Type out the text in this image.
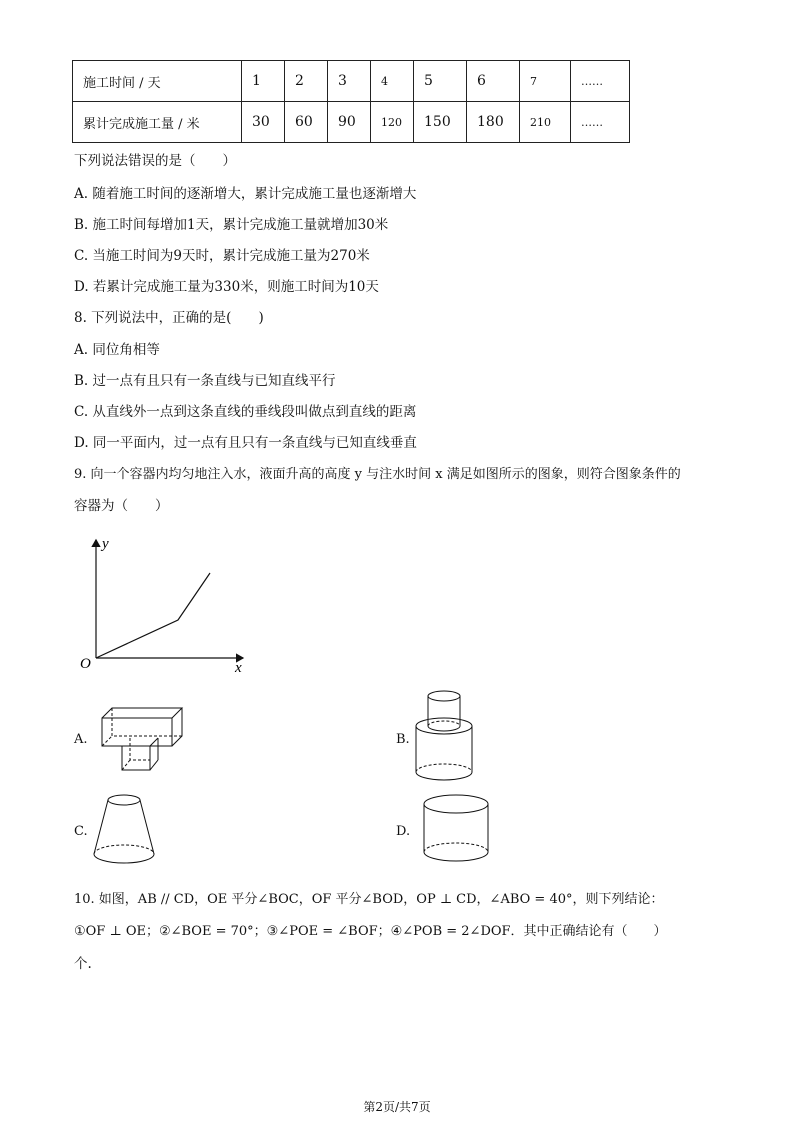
施工时间 / 天	1	2	3	4	5	6	7	……
累计完成施工量 / 米	30	60	90	120	150	180	210	……
下列说法错误的是（　　）
A. 随着施工时间的逐渐增大，累计完成施工量也逐渐增大
B. 施工时间每增加1天，累计完成施工量就增加30米
C. 当施工时间为9天时，累计完成施工量为270米
D. 若累计完成施工量为330米，则施工时间为10天
8. 下列说法中，正确的是(　　)
A. 同位角相等
B. 过一点有且只有一条直线与已知直线平行
C. 从直线外一点到这条直线的垂线段叫做点到直线的距离
D. 同一平面内，过一点有且只有一条直线与已知直线垂直
9. 向一个容器内均匀地注入水，液面升高的高度 y 与注水时间 x 满足如图所示的图象，则符合图象条件的
容器为（　　）
y
x
O
A.	B.
C.	D.
10. 如图，AB // CD，OE 平分∠BOC，OF 平分∠BOD，OP ⊥ CD，∠ABO = 40°，则下列结论：
①OF ⊥ OE；②∠BOE = 70°；③∠POE = ∠BOF；④∠POB = 2∠DOF．其中正确结论有（　　）
个.
第2页/共7页
